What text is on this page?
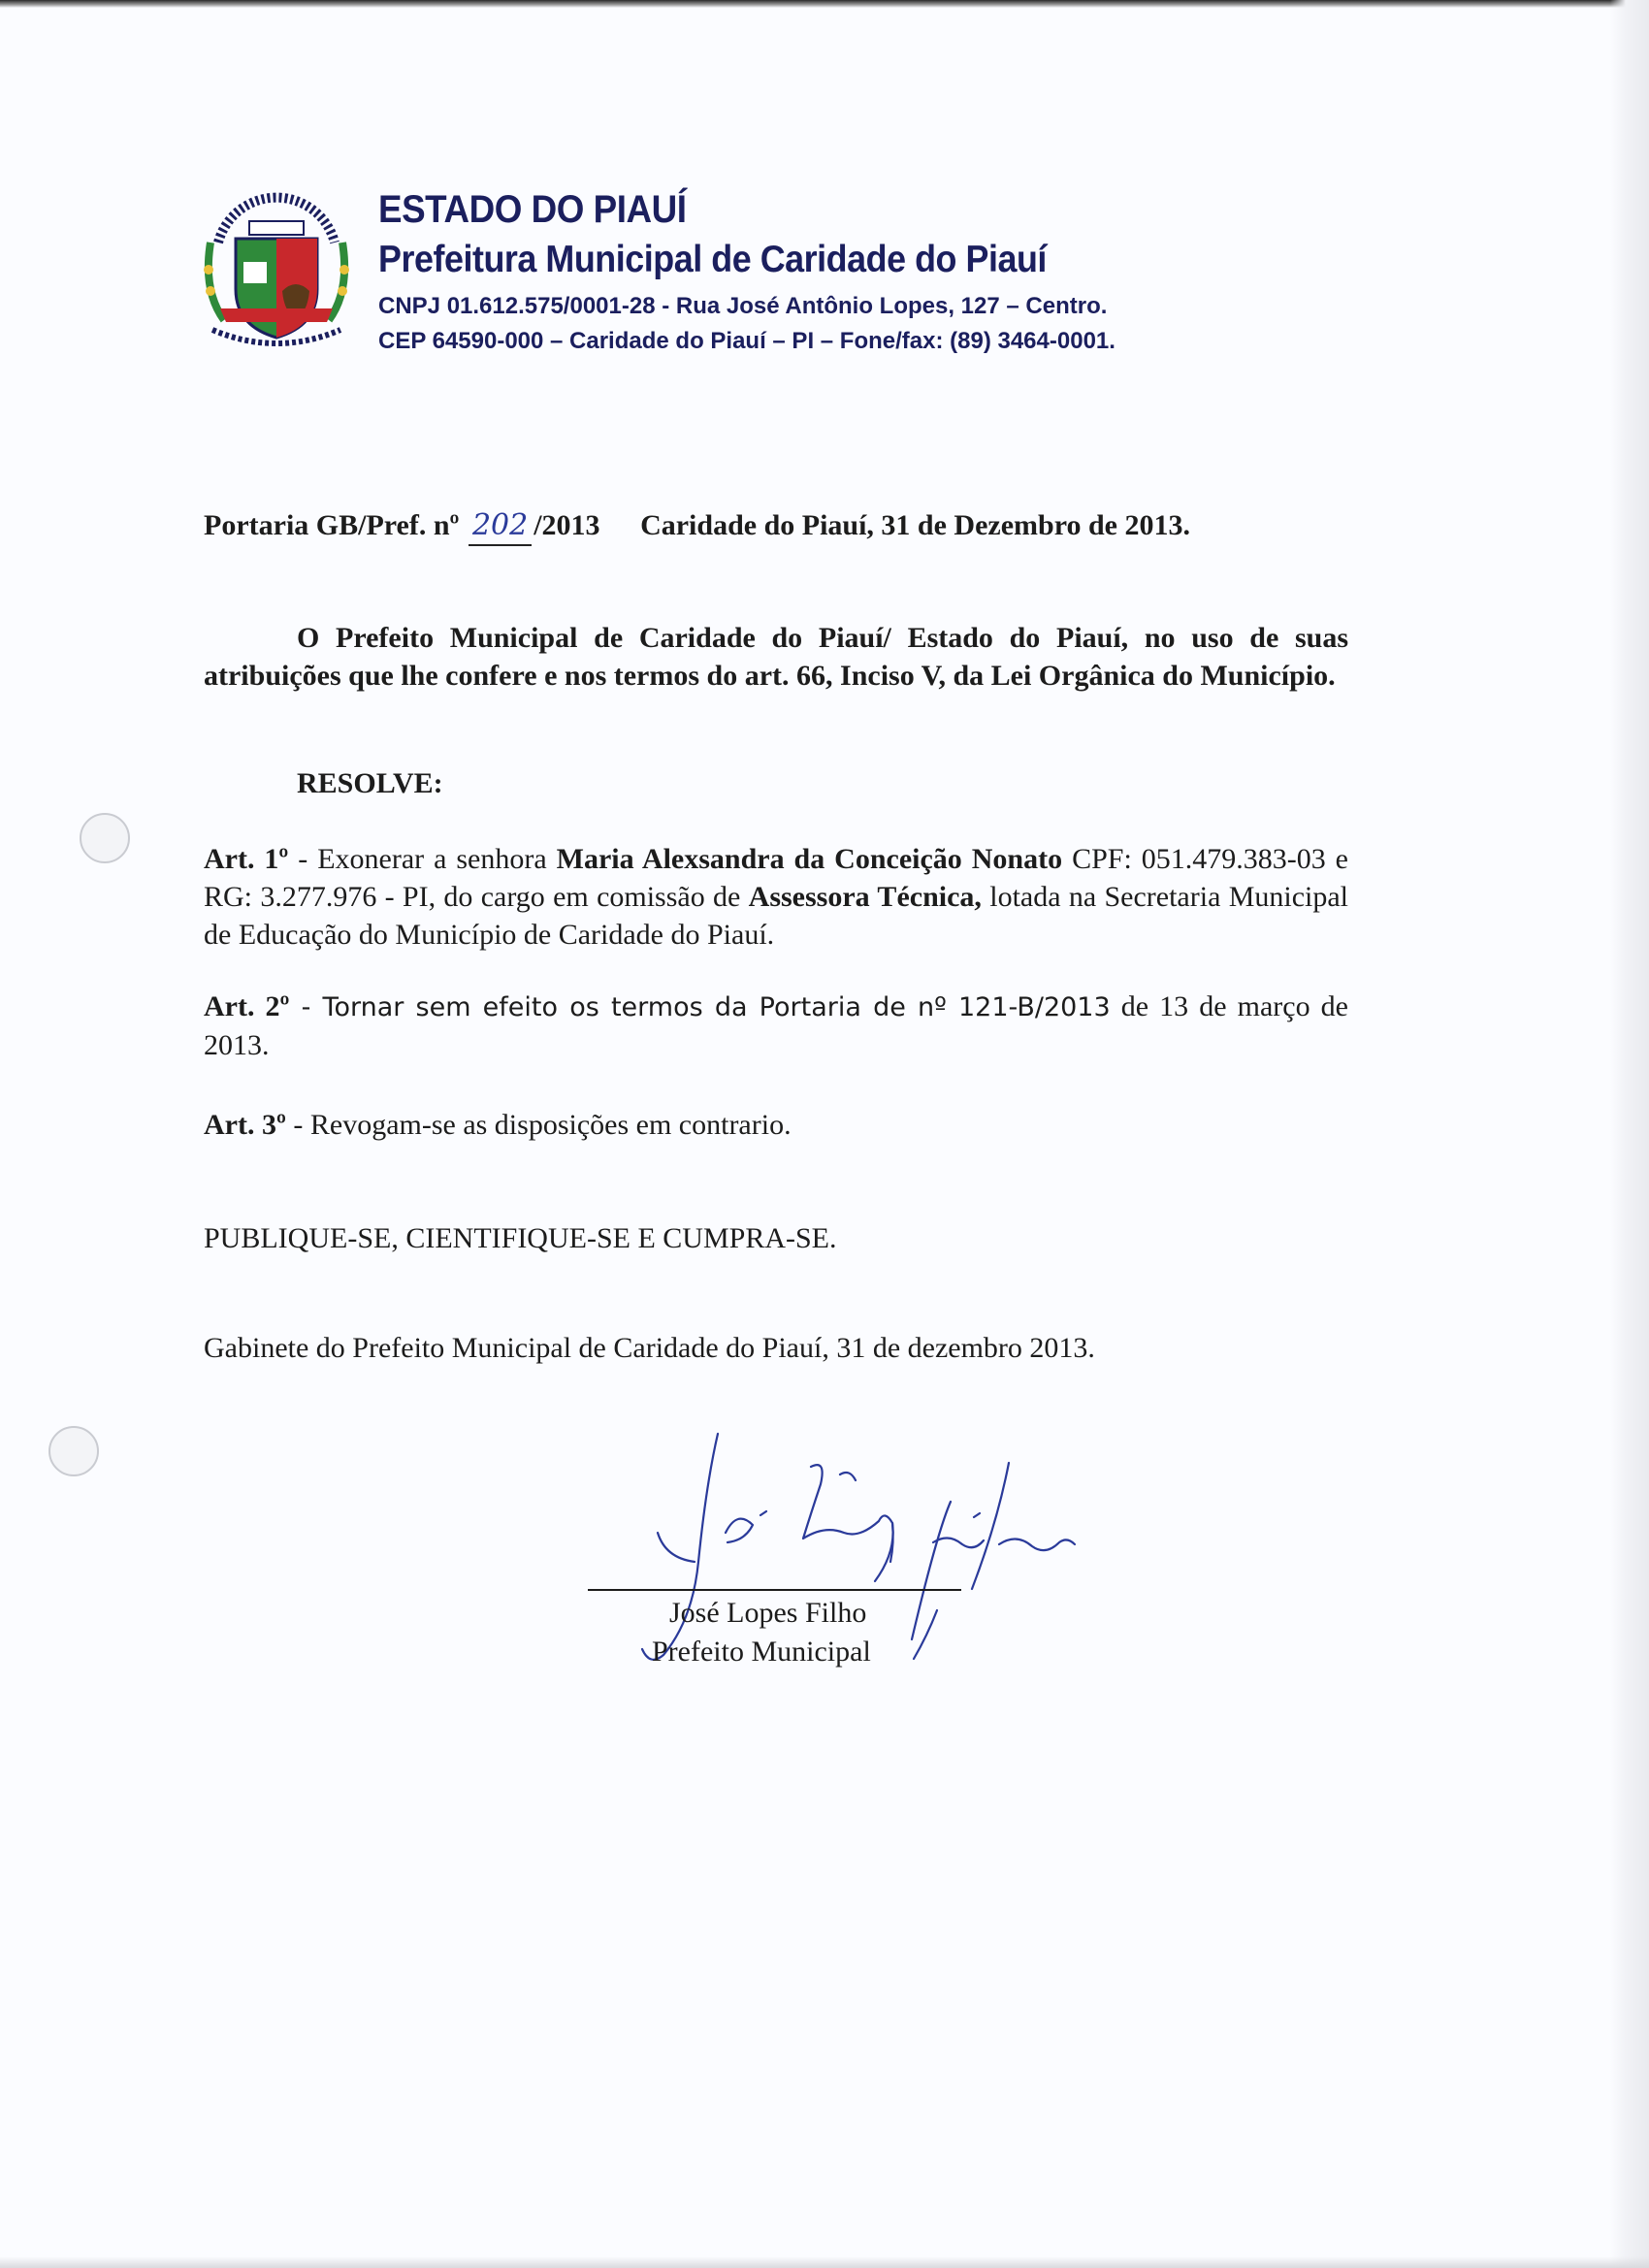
ESTADO DO PIAUÍ
Prefeitura Municipal de Caridade do Piauí
CNPJ 01.612.575/0001-28 - Rua José Antônio Lopes, 127 – Centro.
CEP 64590-000 – Caridade do Piauí – PI – Fone/fax: (89) 3464-0001.
Portaria GB/Pref. nº 202 /2013 Caridade do Piauí, 31 de Dezembro de 2013.
O Prefeito Municipal de Caridade do Piauí/ Estado do Piauí, no uso de suas atribuições que lhe confere e nos termos do art. 66, Inciso V, da Lei Orgânica do Município.
RESOLVE:
Art. 1º - Exonerar a senhora Maria Alexsandra da Conceição Nonato CPF: 051.479.383-03 e RG: 3.277.976 - PI, do cargo em comissão de Assessora Técnica, lotada na Secretaria Municipal de Educação do Município de Caridade do Piauí.
Art. 2º - Tornar sem efeito os termos da Portaria de nº 121-B/2013 de 13 de março de 2013.
Art. 3º - Revogam-se as disposições em contrario.
PUBLIQUE-SE, CIENTIFIQUE-SE E CUMPRA-SE.
Gabinete do Prefeito Municipal de Caridade do Piauí, 31 de dezembro 2013.
José Lopes Filho
Prefeito Municipal
